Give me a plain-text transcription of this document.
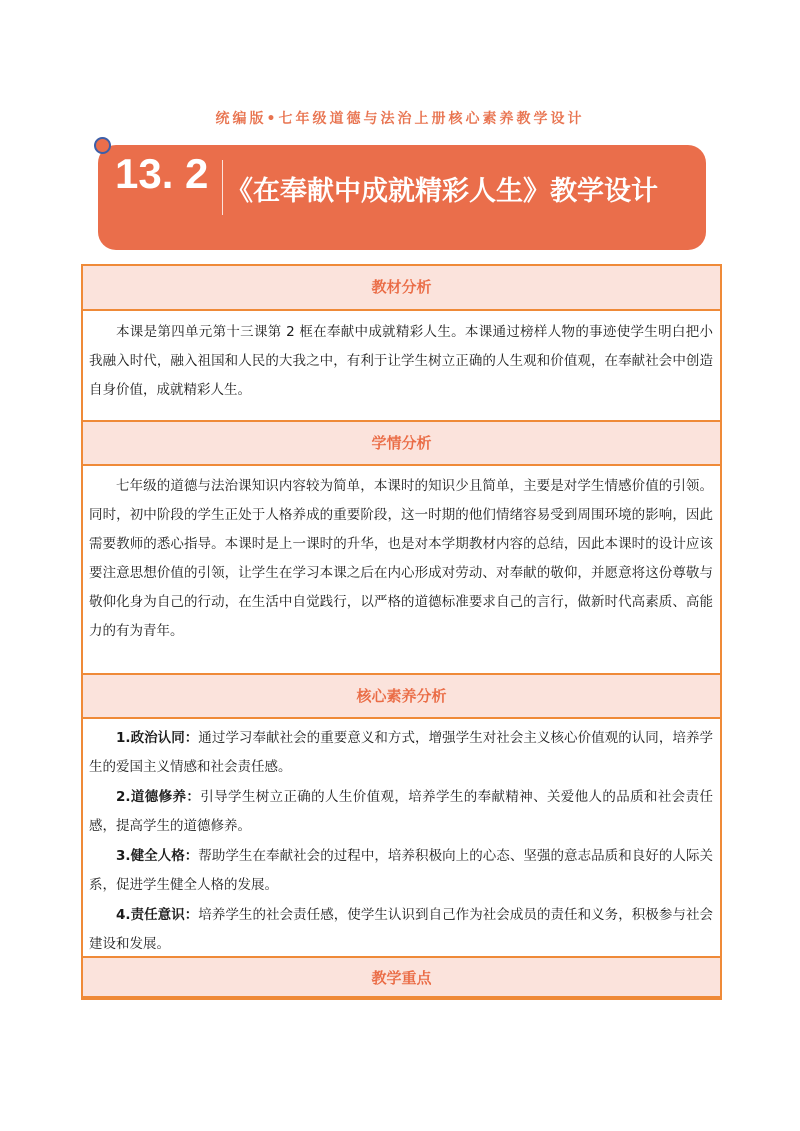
统编版•七年级道德与法治上册核心素养教学设计
13. 2 《在奉献中成就精彩人生》教学设计
教材分析
本课是第四单元第十三课第 2 框在奉献中成就精彩人生。本课通过榜样人物的事迹使学生明白把小我融入时代，融入祖国和人民的大我之中，有利于让学生树立正确的人生观和价值观，在奉献社会中创造自身价值，成就精彩人生。
学情分析
七年级的道德与法治课知识内容较为简单，本课时的知识少且简单，主要是对学生情感价值的引领。同时，初中阶段的学生正处于人格养成的重要阶段，这一时期的他们情绪容易受到周围环境的影响，因此需要教师的悉心指导。本课时是上一课时的升华，也是对本学期教材内容的总结，因此本课时的设计应该要注意思想价值的引领，让学生在学习本课之后在内心形成对劳动、对奉献的敬仰，并愿意将这份尊敬与敬仰化身为自己的行动，在生活中自觉践行，以严格的道德标准要求自己的言行，做新时代高素质、高能力的有为青年。
核心素养分析
1.政治认同：通过学习奉献社会的重要意义和方式，增强学生对社会主义核心价值观的认同，培养学生的爱国主义情感和社会责任感。
2.道德修养：引导学生树立正确的人生价值观，培养学生的奉献精神、关爱他人的品质和社会责任感，提高学生的道德修养。
3.健全人格：帮助学生在奉献社会的过程中，培养积极向上的心态、坚强的意志品质和良好的人际关系，促进学生健全人格的发展。
4.责任意识：培养学生的社会责任感，使学生认识到自己作为社会成员的责任和义务，积极参与社会建设和发展。
教学重点
